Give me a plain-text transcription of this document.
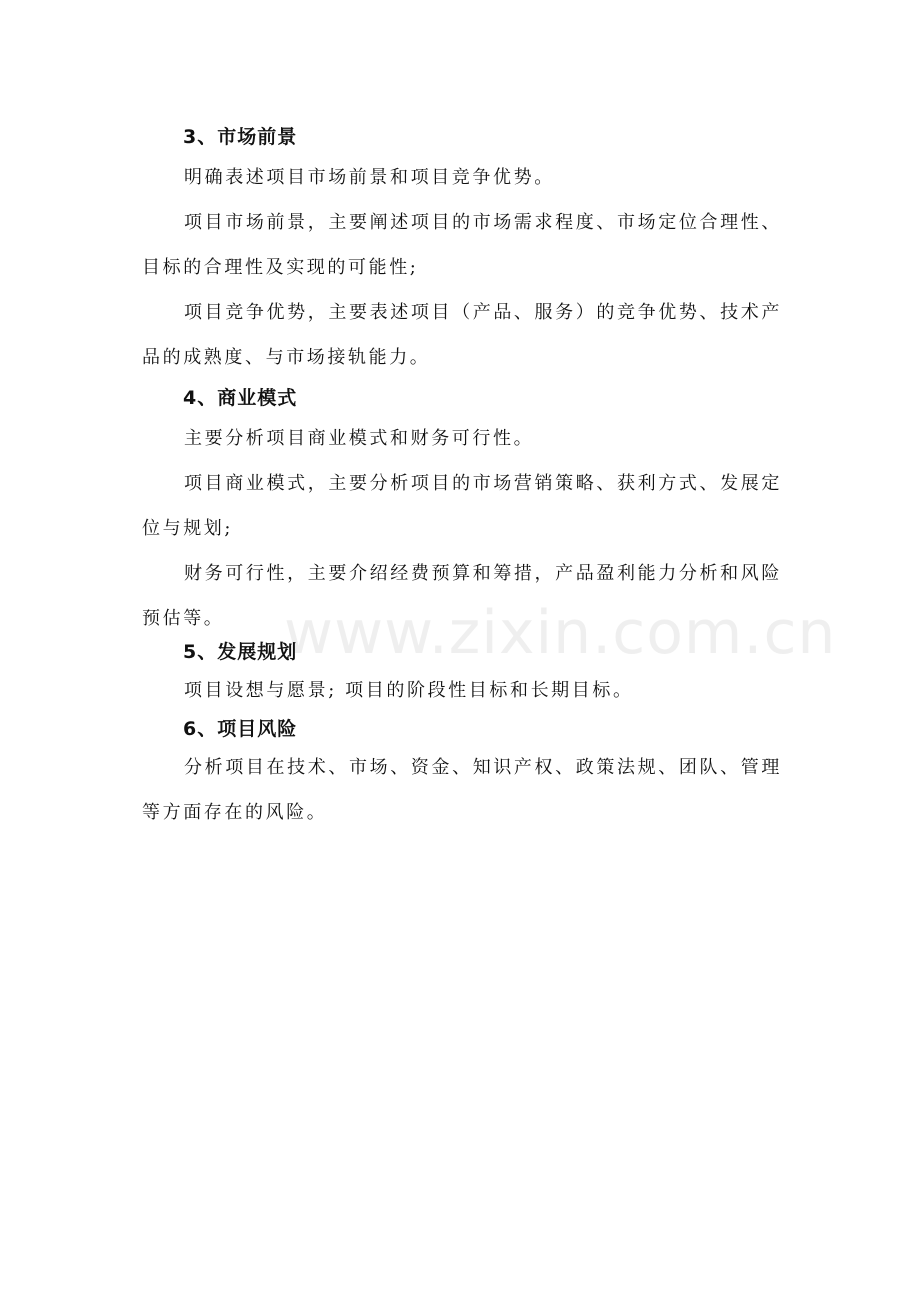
www.zixin.com.cn
3、市场前景

明确表述项目市场前景和项目竞争优势。

项目市场前景，主要阐述项目的市场需求程度、市场定位合理性、目标的合理性及实现的可能性;

项目竞争优势，主要表述项目（产品、服务）的竞争优势、技术产品的成熟度、与市场接轨能力。

4、商业模式

主要分析项目商业模式和财务可行性。

项目商业模式，主要分析项目的市场营销策略、获利方式、发展定位与规划;

财务可行性，主要介绍经费预算和筹措，产品盈利能力分析和风险预估等。

5、发展规划

项目设想与愿景; 项目的阶段性目标和长期目标。

6、项目风险

分析项目在技术、市场、资金、知识产权、政策法规、团队、管理等方面存在的风险。
